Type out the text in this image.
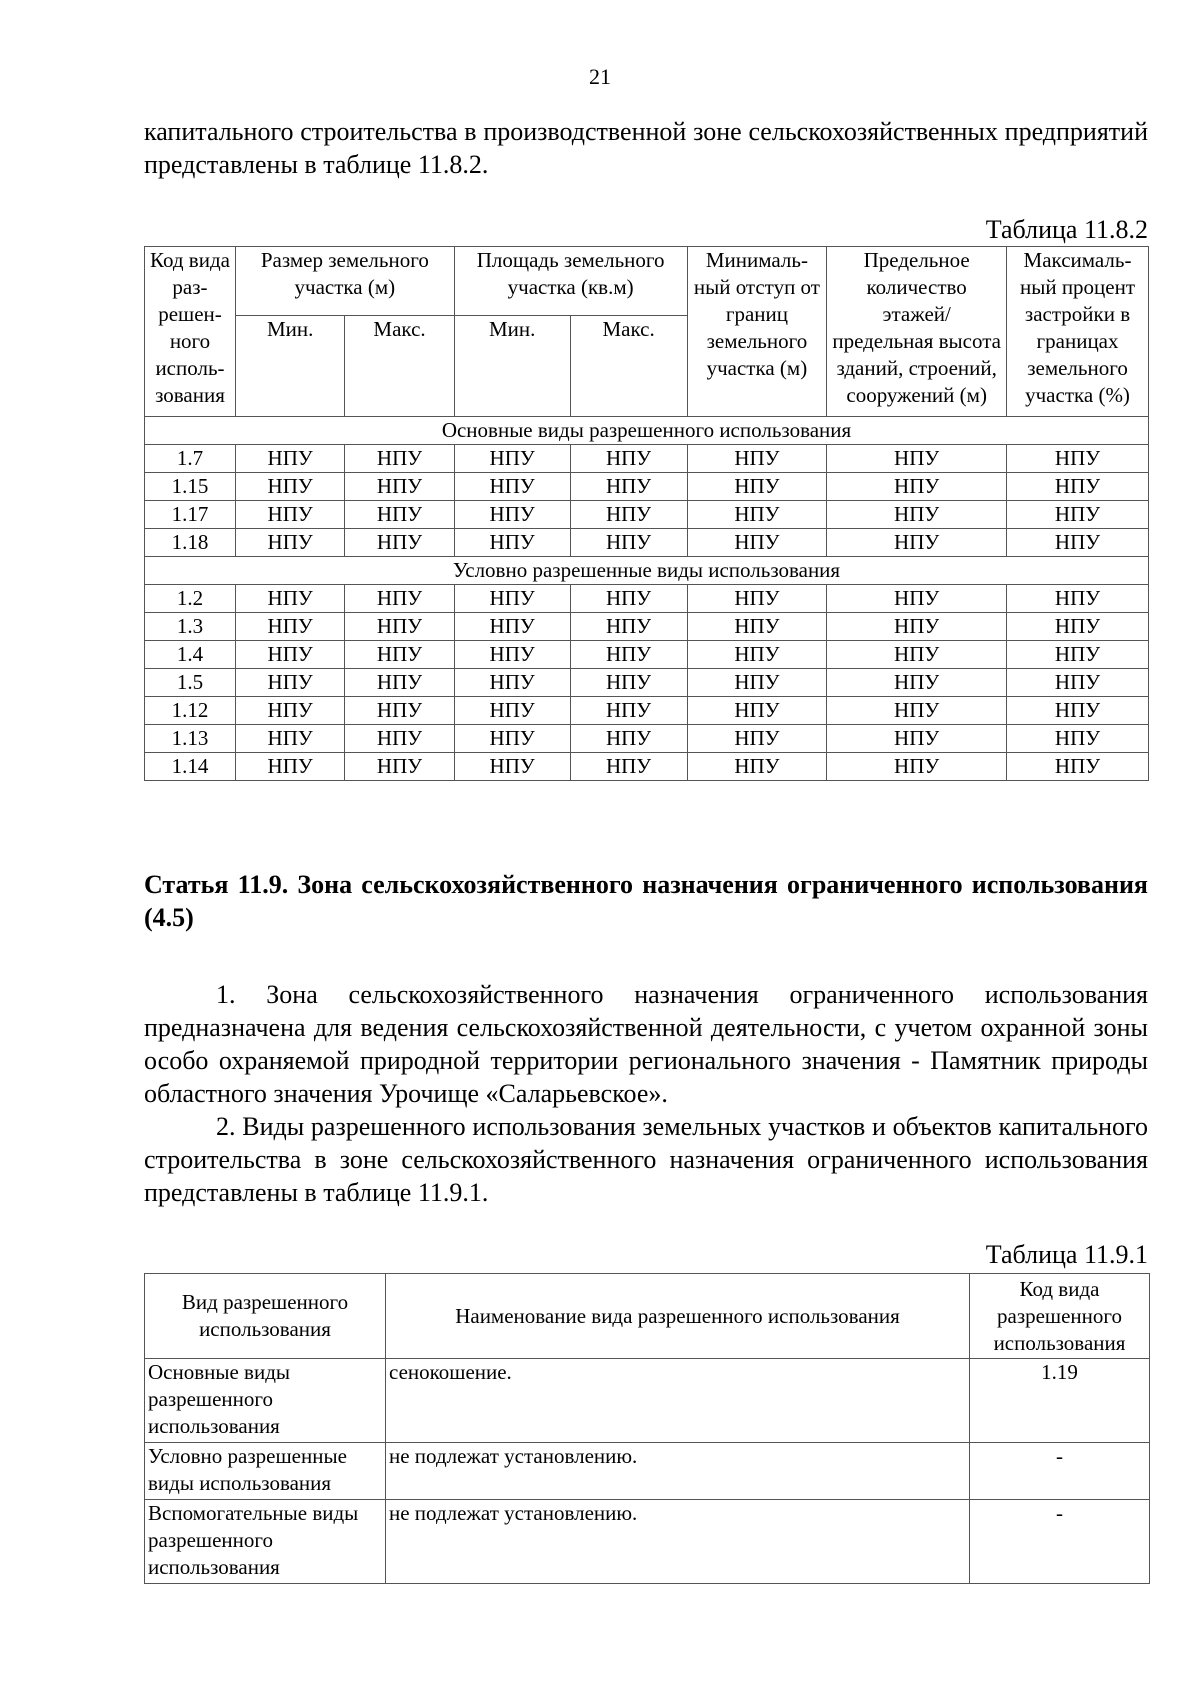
21

капитального строительства в производственной зоне сельскохозяйственных предприятий представлены в таблице 11.8.2.

Таблица 11.8.2
Код вида раз-решен-ного исполь-зования	Размер земельного участка (м)		Площадь земельного участка (кв.м)		Минималь-ный отступ от границ земельного участка (м)	Предельное количество этажей/ предельная высота зданий, строений, сооружений (м)	Максималь-ный процент застройки в границах земельного участка (%)
	Мин.	Макс.	Мин.	Макс.			
Основные виды разрешенного использования							
1.7	НПУ	НПУ	НПУ	НПУ	НПУ	НПУ	НПУ
1.15	НПУ	НПУ	НПУ	НПУ	НПУ	НПУ	НПУ
1.17	НПУ	НПУ	НПУ	НПУ	НПУ	НПУ	НПУ
1.18	НПУ	НПУ	НПУ	НПУ	НПУ	НПУ	НПУ
Условно разрешенные виды использования							
1.2	НПУ	НПУ	НПУ	НПУ	НПУ	НПУ	НПУ
1.3	НПУ	НПУ	НПУ	НПУ	НПУ	НПУ	НПУ
1.4	НПУ	НПУ	НПУ	НПУ	НПУ	НПУ	НПУ
1.5	НПУ	НПУ	НПУ	НПУ	НПУ	НПУ	НПУ
1.12	НПУ	НПУ	НПУ	НПУ	НПУ	НПУ	НПУ
1.13	НПУ	НПУ	НПУ	НПУ	НПУ	НПУ	НПУ
1.14	НПУ	НПУ	НПУ	НПУ	НПУ	НПУ	НПУ

Статья 11.9. Зона сельскохозяйственного назначения ограниченного использования (4.5)

1. Зона сельскохозяйственного назначения ограниченного использования предназначена для ведения сельскохозяйственной деятельности, с учетом охранной зоны особо охраняемой природной территории регионального значения - Памятник природы областного значения Урочище «Саларьевское».

2. Виды разрешенного использования земельных участков и объектов капитального строительства в зоне сельскохозяйственного назначения ограниченного использования представлены в таблице 11.9.1.

Таблица 11.9.1
Вид разрешенного использования	Наименование вида разрешенного использования	Код вида разрешенного использования
Основные виды разрешенного использования	сенокошение.	1.19
Условно разрешенные виды использования	не подлежат установлению.	-
Вспомогательные виды разрешенного использования	не подлежат установлению.	-
